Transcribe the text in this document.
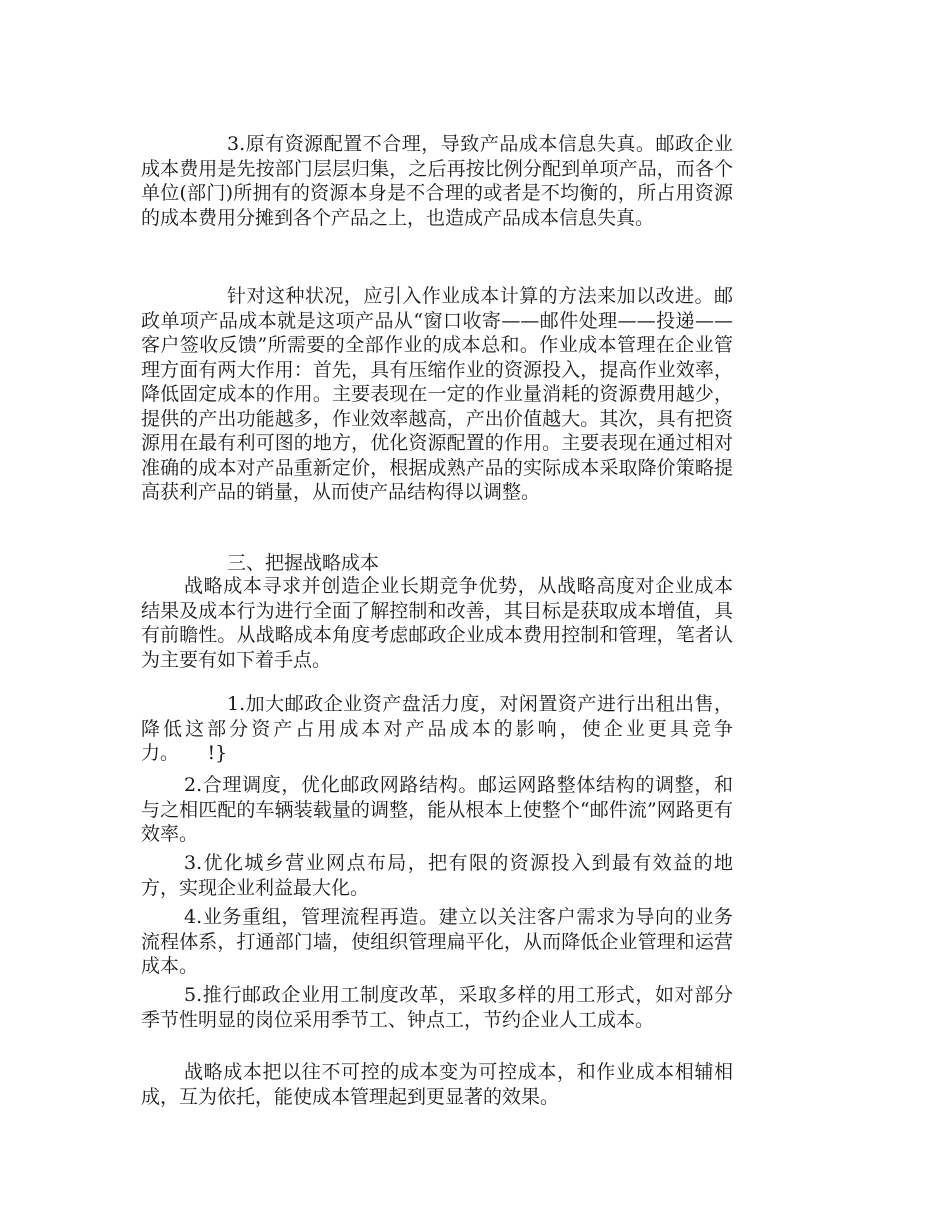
3.原有资源配置不合理，导致产品成本信息失真。邮政企业成本费用是先按部门层层归集，之后再按比例分配到单项产品，而各个单位(部门)所拥有的资源本身是不合理的或者是不均衡的，所占用资源的成本费用分摊到各个产品之上，也造成产品成本信息失真。

针对这种状况，应引入作业成本计算的方法来加以改进。邮政单项产品成本就是这项产品从“窗口收寄——邮件处理——投递——客户签收反馈”所需要的全部作业的成本总和。作业成本管理在企业管理方面有两大作用：首先，具有压缩作业的资源投入，提高作业效率，降低固定成本的作用。主要表现在一定的作业量消耗的资源费用越少，提供的产出功能越多，作业效率越高，产出价值越大。其次，具有把资源用在最有利可图的地方，优化资源配置的作用。主要表现在通过相对准确的成本对产品重新定价，根据成熟产品的实际成本采取降价策略提高获利产品的销量，从而使产品结构得以调整。

三、把握战略成本

战略成本寻求并创造企业长期竞争优势，从战略高度对企业成本结果及成本行为进行全面了解控制和改善，其目标是获取成本增值，具有前瞻性。从战略成本角度考虑邮政企业成本费用控制和管理，笔者认为主要有如下着手点。

1.加大邮政企业资产盘活力度，对闲置资产进行出租出售，降低这部分资产占用成本对产品成本的影响，使企业更具竞争力。　　!}

2.合理调度，优化邮政网路结构。邮运网路整体结构的调整，和与之相匹配的车辆装载量的调整，能从根本上使整个“邮件流”网路更有效率。

3.优化城乡营业网点布局，把有限的资源投入到最有效益的地方，实现企业利益最大化。

4.业务重组，管理流程再造。建立以关注客户需求为导向的业务流程体系，打通部门墙，使组织管理扁平化，从而降低企业管理和运营成本。

5.推行邮政企业用工制度改革，采取多样的用工形式，如对部分季节性明显的岗位采用季节工、钟点工，节约企业人工成本。

战略成本把以往不可控的成本变为可控成本，和作业成本相辅相成，互为依托，能使成本管理起到更显著的效果。
